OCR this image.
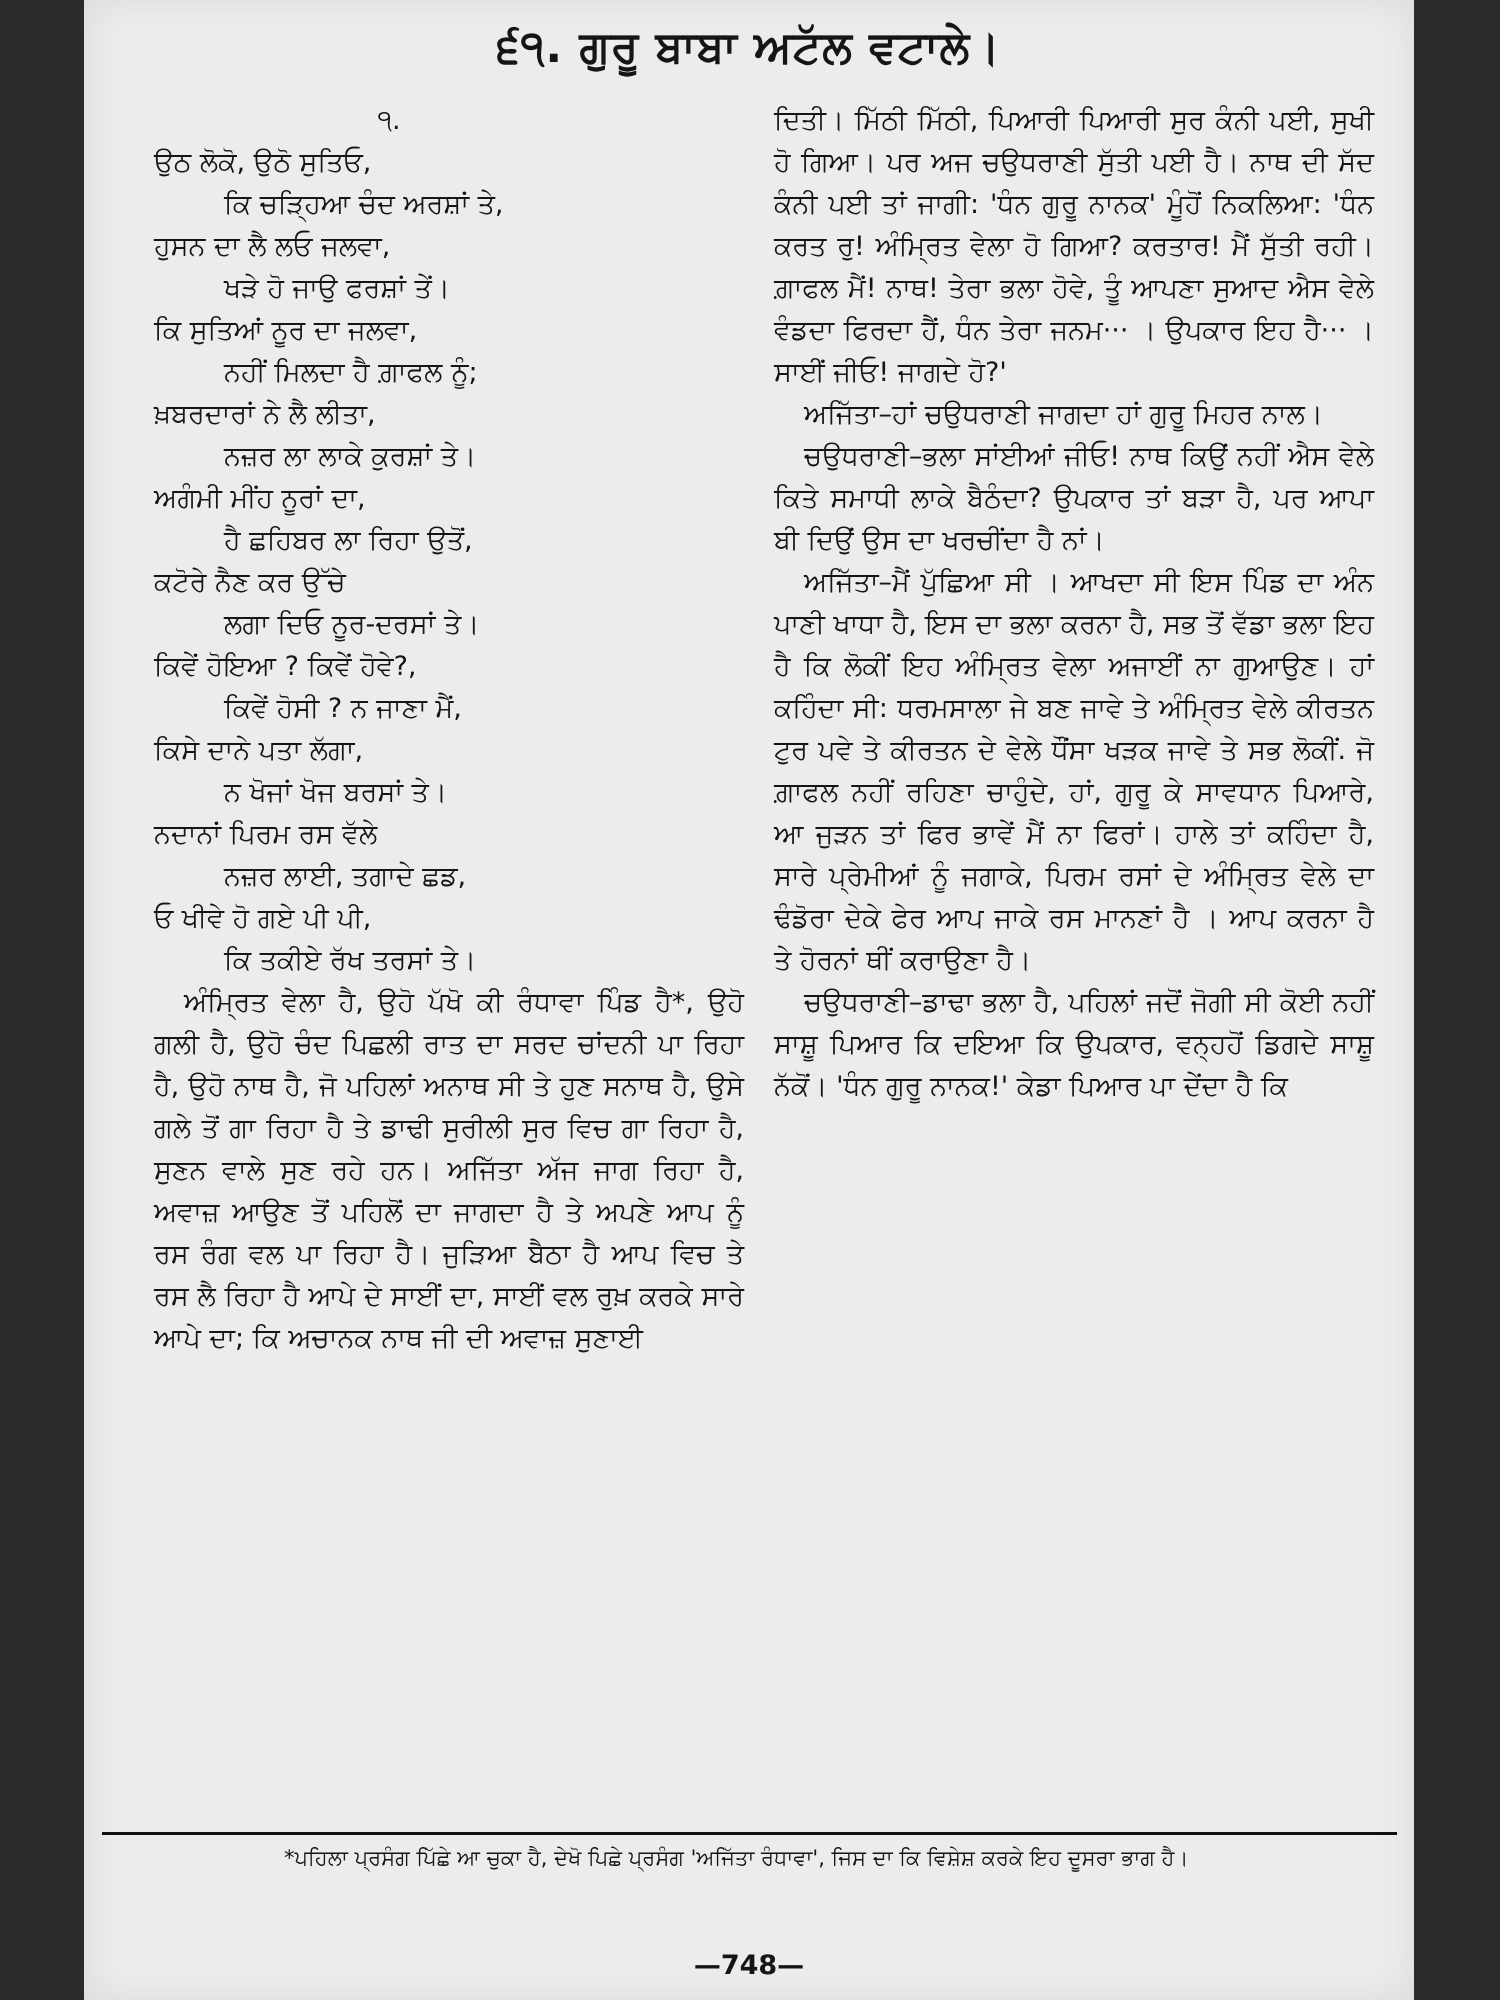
੬੧. ਗੁਰੂ ਬਾਬਾ ਅਟੱਲ ਵਟਾਲੇ।

੧.

ਉਠ ਲੋਕੋ, ਉਠੋ ਸੁਤਿਓ,

ਕਿ ਚੜ੍ਹਿਆ ਚੰਦ ਅਰਸ਼ਾਂ ਤੇ,

ਹੁਸਨ ਦਾ ਲੈ ਲਓ ਜਲਵਾ,

ਖੜੇ ਹੋ ਜਾਉ ਫਰਸ਼ਾਂ ਤੇਂ।

ਕਿ ਸੁਤਿਆਂ ਨੂਰ ਦਾ ਜਲਵਾ,

ਨਹੀਂ ਮਿਲਦਾ ਹੈ ਗ਼ਾਫਲ ਨੂੰ;

ਖ਼ਬਰਦਾਰਾਂ ਨੇ ਲੈ ਲੀਤਾ,

ਨਜ਼ਰ ਲਾ ਲਾਕੇ ਕੁਰਸ਼ਾਂ ਤੇ।

ਅਗੰਮੀ ਮੀਂਹ ਨੂਰਾਂ ਦਾ,

ਹੈ ਛਹਿਬਰ ਲਾ ਰਿਹਾ ਉਤੋਂ,

ਕਟੋਰੇ ਨੈਣ ਕਰ ਉੱਚੇ

ਲਗਾ ਦਿਓ ਨੂਰ-ਦਰਸਾਂ ਤੇ।

ਕਿਵੇਂ ਹੋਇਆ ? ਕਿਵੇਂ ਹੋਵੇ?,

ਕਿਵੇਂ ਹੋਸੀ ? ਨ ਜਾਣਾ ਮੈਂ,

ਕਿਸੇ ਦਾਨੇ ਪਤਾ ਲੱਗਾ,

ਨ ਖੋਜਾਂ ਖੋਜ ਬਰਸਾਂ ਤੇ।

ਨਦਾਨਾਂ ਪਿਰਮ ਰਸ ਵੱਲੇ

ਨਜ਼ਰ ਲਾਈ, ਤਗਾਦੇ ਛਡ,

ਓ ਖੀਵੇ ਹੋ ਗਏ ਪੀ ਪੀ,

ਕਿ ਤਕੀਏ ਰੱਖ ਤਰਸਾਂ ਤੇ।

ਅੰਮ੍ਰਿਤ ਵੇਲਾ ਹੈ, ਉਹੋ ਪੱਖੋ ਕੀ ਰੰਧਾਵਾ ਪਿੰਡ ਹੈ*, ਉਹੋ ਗਲੀ ਹੈ, ਉਹੋ ਚੰਦ ਪਿਛਲੀ ਰਾਤ ਦਾ ਸਰਦ ਚਾਂਦਨੀ ਪਾ ਰਿਹਾ ਹੈ, ਉਹੋ ਨਾਥ ਹੈ, ਜੋ ਪਹਿਲਾਂ ਅਨਾਥ ਸੀ ਤੇ ਹੁਣ ਸਨਾਥ ਹੈ, ਉਸੇ ਗਲੇ ਤੋਂ ਗਾ ਰਿਹਾ ਹੈ ਤੇ ਡਾਢੀ ਸੁਰੀਲੀ ਸੁਰ ਵਿਚ ਗਾ ਰਿਹਾ ਹੈ, ਸੁਣਨ ਵਾਲੇ ਸੁਣ ਰਹੇ ਹਨ। ਅਜਿੱਤਾ ਅੱਜ ਜਾਗ ਰਿਹਾ ਹੈ, ਅਵਾਜ਼ ਆਉਣ ਤੋਂ ਪਹਿਲੋਂ ਦਾ ਜਾਗਦਾ ਹੈ ਤੇ ਅਪਣੇ ਆਪ ਨੂੰ ਰਸ ਰੰਗ ਵਲ ਪਾ ਰਿਹਾ ਹੈ। ਜੁੜਿਆ ਬੈਠਾ ਹੈ ਆਪ ਵਿਚ ਤੇ ਰਸ ਲੈ ਰਿਹਾ ਹੈ ਆਪੇ ਦੇ ਸਾਈਂ ਦਾ, ਸਾਈਂ ਵਲ ਰੁਖ਼ ਕਰਕੇ ਸਾਰੇ ਆਪੇ ਦਾ; ਕਿ ਅਚਾਨਕ ਨਾਥ ਜੀ ਦੀ ਅਵਾਜ਼ ਸੁਣਾਈ

ਦਿਤੀ। ਮਿੱਠੀ ਮਿੱਠੀ, ਪਿਆਰੀ ਪਿਆਰੀ ਸੁਰ ਕੰਨੀ ਪਈ, ਸੁਖੀ ਹੋ ਗਿਆ। ਪਰ ਅਜ ਚਉਧਰਾਣੀ ਸੁੱਤੀ ਪਈ ਹੈ। ਨਾਥ ਦੀ ਸੱਦ ਕੰਨੀ ਪਈ ਤਾਂ ਜਾਗੀ: 'ਧੰਨ ਗੁਰੂ ਨਾਨਕ' ਮੂੰਹੋਂ ਨਿਕਲਿਆ: 'ਧੰਨ ਕਰਤ ਰੁ! ਅੰਮ੍ਰਿਤ ਵੇਲਾ ਹੋ ਗਿਆ? ਕਰਤਾਰ! ਮੈਂ ਸੁੱਤੀ ਰਹੀ। ਗ਼ਾਫਲ ਮੈਂ! ਨਾਥ! ਤੇਰਾ ਭਲਾ ਹੋਵੇ, ਤੂੰ ਆਪਣਾ ਸੁਆਦ ਐਸ ਵੇਲੇ ਵੰਡਦਾ ਫਿਰਦਾ ਹੈਂ, ਧੰਨ ਤੇਰਾ ਜਨਮ··· । ਉਪਕਾਰ ਇਹ ਹੈ··· । ਸਾਈਂ ਜੀਓ! ਜਾਗਦੇ ਹੋ?'

ਅਜਿੱਤਾ–ਹਾਂ ਚਉਧਰਾਣੀ ਜਾਗਦਾ ਹਾਂ ਗੁਰੂ ਮਿਹਰ ਨਾਲ।

ਚਉਧਰਾਣੀ–ਭਲਾ ਸਾਂਈਆਂ ਜੀਓ! ਨਾਥ ਕਿਉਂ ਨਹੀਂ ਐਸ ਵੇਲੇ ਕਿਤੇ ਸਮਾਧੀ ਲਾਕੇ ਬੈਠੰਦਾ? ਉਪਕਾਰ ਤਾਂ ਬੜਾ ਹੈ, ਪਰ ਆਪਾ ਬੀ ਦਿਉਂ ਉਸ ਦਾ ਖਰਚੀਂਦਾ ਹੈ ਨਾਂ।

ਅਜਿੱਤਾ–ਮੈਂ ਪੁੱਛਿਆ ਸੀ । ਆਖਦਾ ਸੀ ਇਸ ਪਿੰਡ ਦਾ ਅੰਨ ਪਾਣੀ ਖਾਧਾ ਹੈ, ਇਸ ਦਾ ਭਲਾ ਕਰਨਾ ਹੈ, ਸਭ ਤੋਂ ਵੱਡਾ ਭਲਾ ਇਹ ਹੈ ਕਿ ਲੋਕੀਂ ਇਹ ਅੰਮ੍ਰਿਤ ਵੇਲਾ ਅਜਾਈਂ ਨਾ ਗੁਆਉਣ। ਹਾਂ ਕਹਿੰਦਾ ਸੀ: ਧਰਮਸਾਲਾ ਜੇ ਬਣ ਜਾਵੇ ਤੇ ਅੰਮ੍ਰਿਤ ਵੇਲੇ ਕੀਰਤਨ ਟੁਰ ਪਵੇ ਤੇ ਕੀਰਤਨ ਦੇ ਵੇਲੇ ਧੌਂਸਾ ਖੜਕ ਜਾਵੇ ਤੇ ਸਭ ਲੋਕੀਂ. ਜੋ ਗ਼ਾਫਲ ਨਹੀਂ ਰਹਿਣਾ ਚਾਹੁੰਦੇ, ਹਾਂ, ਗੁਰੂ ਕੇ ਸਾਵਧਾਨ ਪਿਆਰੇ, ਆ ਜੁੜਨ ਤਾਂ ਫਿਰ ਭਾਵੇਂ ਮੈਂ ਨਾ ਫਿਰਾਂ। ਹਾਲੇ ਤਾਂ ਕਹਿੰਦਾ ਹੈ, ਸਾਰੇ ਪ੍ਰੇਮੀਆਂ ਨੂੰ ਜਗਾਕੇ, ਪਿਰਮ ਰਸਾਂ ਦੇ ਅੰਮ੍ਰਿਤ ਵੇਲੇ ਦਾ ਢੰਡੋਰਾ ਦੇਕੇ ਫੇਰ ਆਪ ਜਾਕੇ ਰਸ ਮਾਨਣਾਂ ਹੈ । ਆਪ ਕਰਨਾ ਹੈ ਤੇ ਹੋਰਨਾਂ ਥੀਂ ਕਰਾਉਣਾ ਹੈ।

ਚਉਧਰਾਣੀ–ਡਾਢਾ ਭਲਾ ਹੈ, ਪਹਿਲਾਂ ਜਦੋਂ ਜੋਗੀ ਸੀ ਕੋਈ ਨਹੀਂ ਸਾਸ਼ੂ ਪਿਆਰ ਕਿ ਦਇਆ ਕਿ ਉਪਕਾਰ, ਵਨ੍ਹਹੋਂ ਡਿਗਦੇ ਸਾਸ਼ੂ ਨੱਕੋਂ। 'ਧੰਨ ਗੁਰੂ ਨਾਨਕ!' ਕੇਡਾ ਪਿਆਰ ਪਾ ਦੇਂਦਾ ਹੈ ਕਿ

*ਪਹਿਲਾ ਪ੍ਰਸੰਗ ਪਿੱਛੇ ਆ ਚੁਕਾ ਹੈ, ਦੇਖੋ ਪਿਛੇ ਪ੍ਰਸੰਗ 'ਅਜਿੱਤਾ ਰੰਧਾਵਾ', ਜਿਸ ਦਾ ਕਿ ਵਿਸ਼ੇਸ਼ ਕਰਕੇ ਇਹ ਦੂਸਰਾ ਭਾਗ ਹੈ।
—748—
